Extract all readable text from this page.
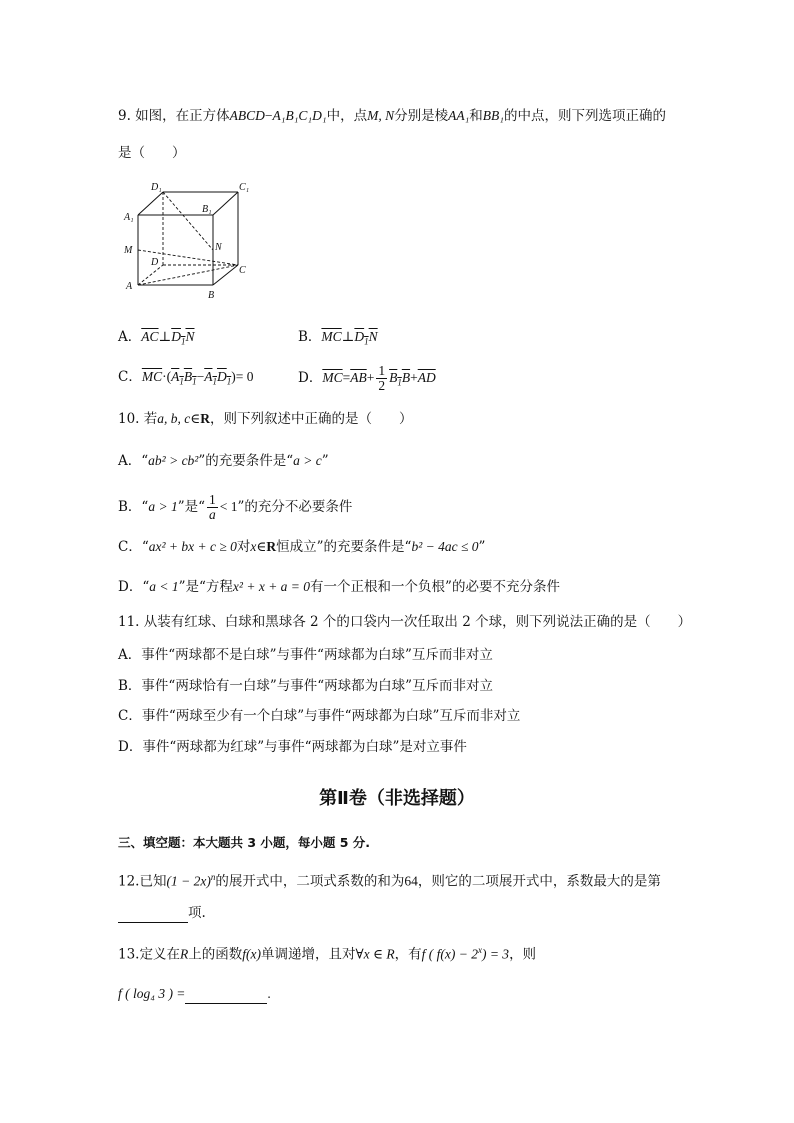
9. 如图，在正方体ABCD−A₁B₁C₁D₁中，点M, N分别是棱AA₁和BB₁的中点，则下列选项正确的
是（　　）
D₁	C₁
B₁
A₁
M	N
D
C
A
B
A．$\overline{AC}\perp D_1N$	B．$\overline{MC}\perp D_1N$
C．$\overline{MC}\cdot(A_1B_1-A_1D_1)= 0$	D．$\overline{MC}=\overline{AB}+ \frac{1}{2} B_1B+\overline{AD}$
10. 若a, b, c∈R，则下列叙述中正确的是（　　）
A．“ab² > cb²”的充要条件是“a > c”
B．“a > 1”是“ $\frac{1}{a} < 1$”的充分不必要条件
C．“ax² + bx + c ≥ 0对x∈R恒成立”的充要条件是“b² − 4ac ≤ 0”
D．“a < 1”是“方程x² + x + a = 0有一个正根和一个负根”的必要不充分条件
11. 从装有红球、白球和黑球各 2 个的口袋内一次任取出 2 个球，则下列说法正确的是（　　）
A．事件“两球都不是白球”与事件“两球都为白球”互斥而非对立
B．事件“两球恰有一白球”与事件“两球都为白球”互斥而非对立
C．事件“两球至少有一个白球”与事件“两球都为白球”互斥而非对立
D．事件“两球都为红球”与事件“两球都为白球”是对立事件
第Ⅱ卷（非选择题）
三、填空题：本大题共 3 小题，每小题 5 分.
12.已知$(1 - 2x)^n$的展开式中，二项式系数的和为64，则它的二项展开式中，系数最大的是第
项.
13.定义在R上的函数f(x)单调递增，且对∀x ∈ R，有f ( $f(x) - 2^x) = 3$，则
f ( log₄ 3 ) =	.
